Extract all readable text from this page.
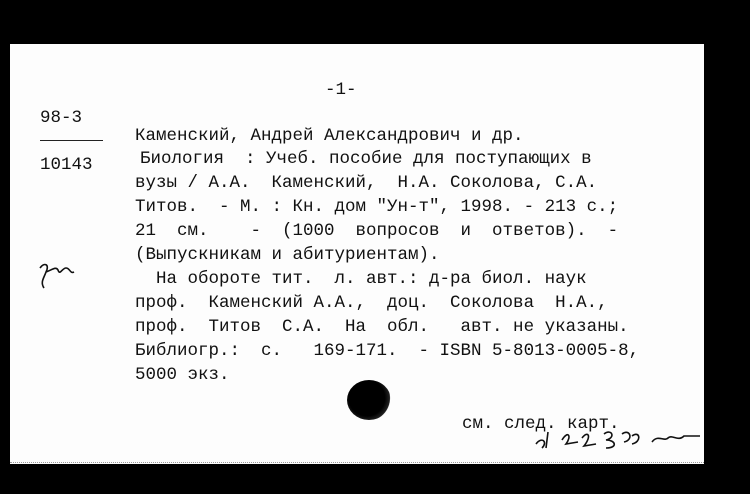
-1-
98-3
10143
Каменский, Андрей Александрович и др.
Биология  : Учеб. пособие для поступающих в
вузы / А.А.  Каменский,  Н.А. Соколова, С.А.
Титов.  - М. : Кн. дом "Ун-т", 1998. - 213 с.;
21  см.    -  (1000  вопросов  и  ответов).  -
(Выпускникам и абитуриентам).
На обороте тит.  л. авт.: д-ра биол. наук
проф.  Каменский А.А.,  доц.  Соколова  Н.А.,
проф.  Титов  С.А.  На  обл.   авт. не указаны.
Библиогр.:  с.   169-171.  - ISBN 5-8013-0005-8,
5000 экз.
см. след. карт.
